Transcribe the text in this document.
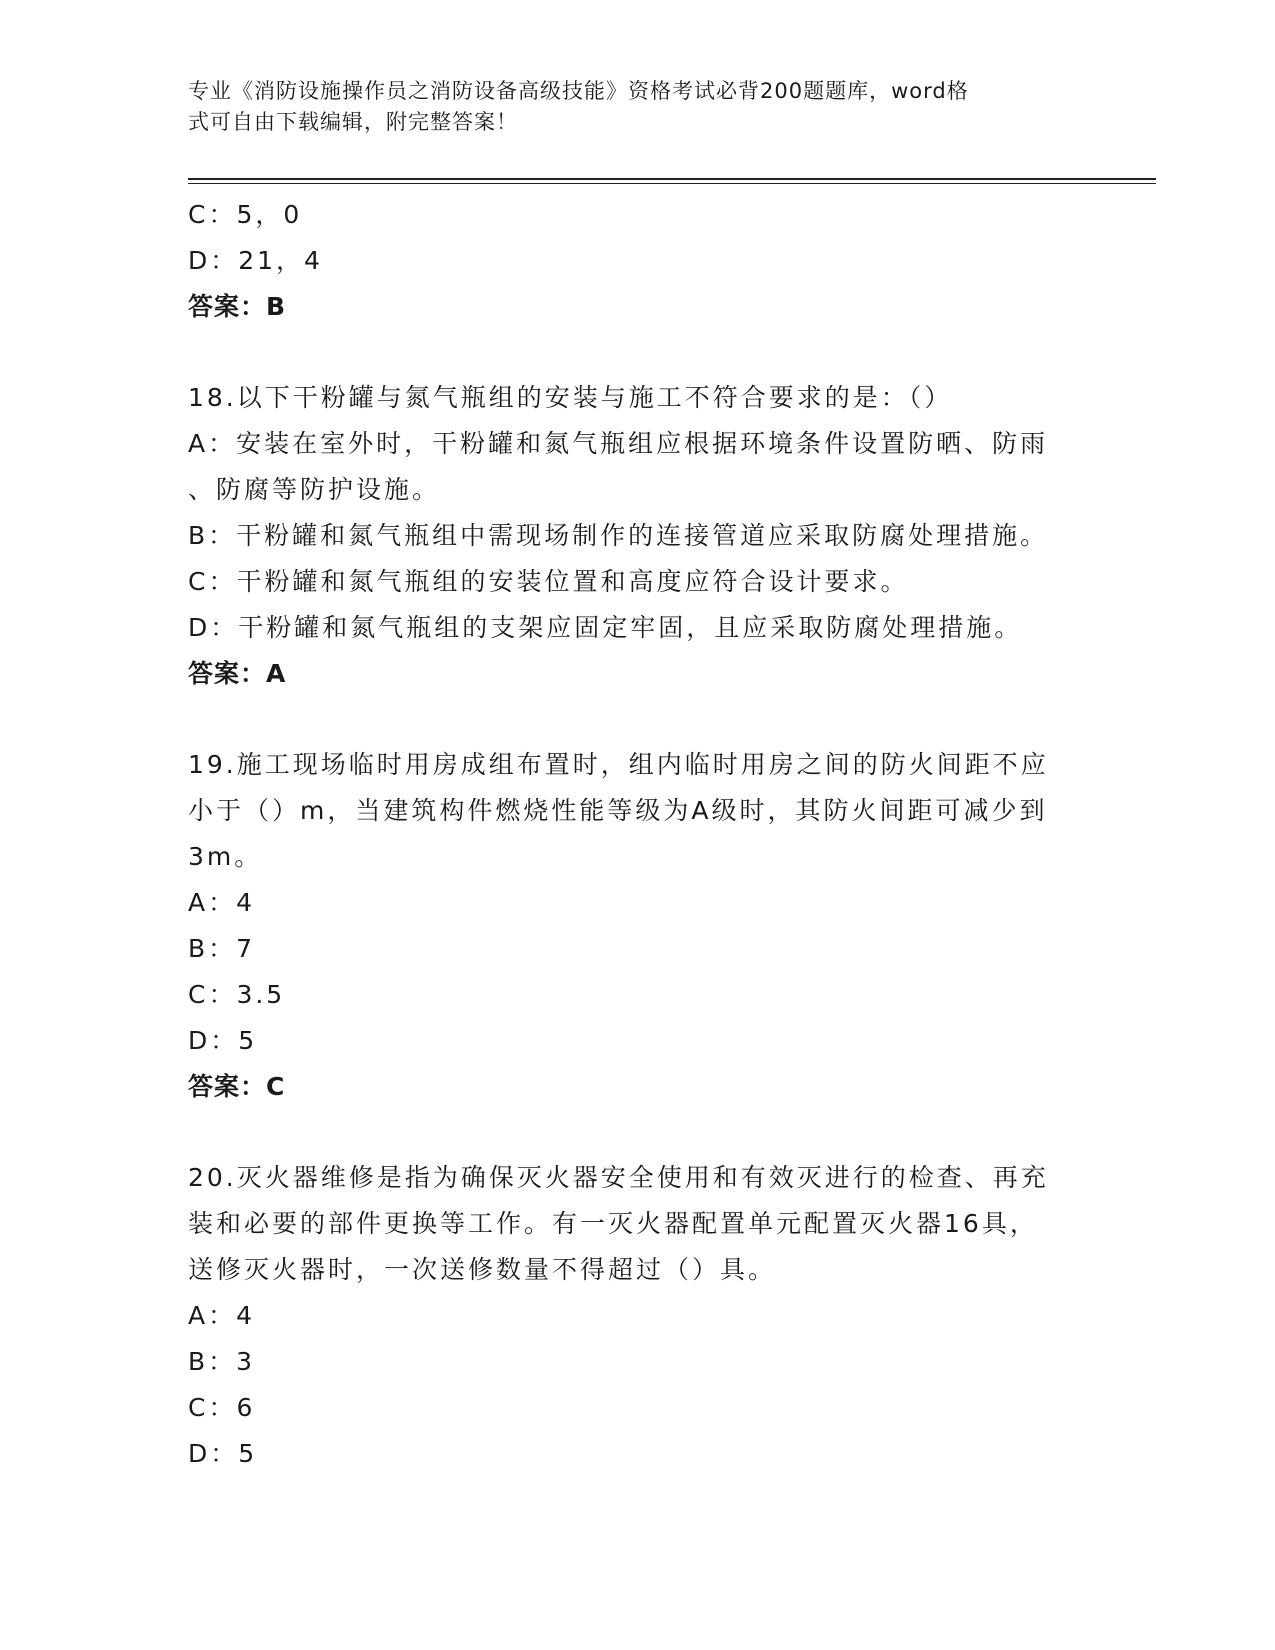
专业《消防设施操作员之消防设备高级技能》资格考试必背200题题库，word格
式可自由下载编辑，附完整答案！
C：5，0
D：21，4
答案：B
18.以下干粉罐与氮气瓶组的安装与施工不符合要求的是：（）
A：安装在室外时，干粉罐和氮气瓶组应根据环境条件设置防晒、防雨
、防腐等防护设施。
B：干粉罐和氮气瓶组中需现场制作的连接管道应采取防腐处理措施。
C：干粉罐和氮气瓶组的安装位置和高度应符合设计要求。
D：干粉罐和氮气瓶组的支架应固定牢固，且应采取防腐处理措施。
答案：A
19.施工现场临时用房成组布置时，组内临时用房之间的防火间距不应
小于（）m，当建筑构件燃烧性能等级为A级时，其防火间距可减少到
3m。
A：4
B：7
C：3.5
D：5
答案：C
20.灭火器维修是指为确保灭火器安全使用和有效灭进行的检查、再充
装和必要的部件更换等工作。有一灭火器配置单元配置灭火器16具，
送修灭火器时，一次送修数量不得超过（）具。
A：4
B：3
C：6
D：5
